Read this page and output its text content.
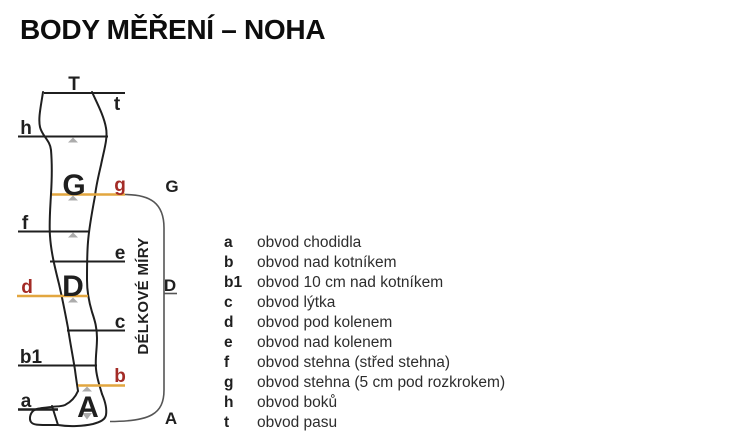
BODY MĚŘENÍ – NOHA
T
t
h
G g
f
e
d D
c
b1
b
a A
G
D
A
DÉLKOVÉ MÍRY	a	obvod chodidla
b	obvod nad kotníkem
b1 obvod 10 cm nad kotníkem
c	obvod lýtka
d	obvod pod kolenem
e	obvod nad kolenem
f	obvod stehna (střed stehna)
g	obvod stehna (5 cm pod rozkrokem)
h	obvod boků
t	obvod pasu
